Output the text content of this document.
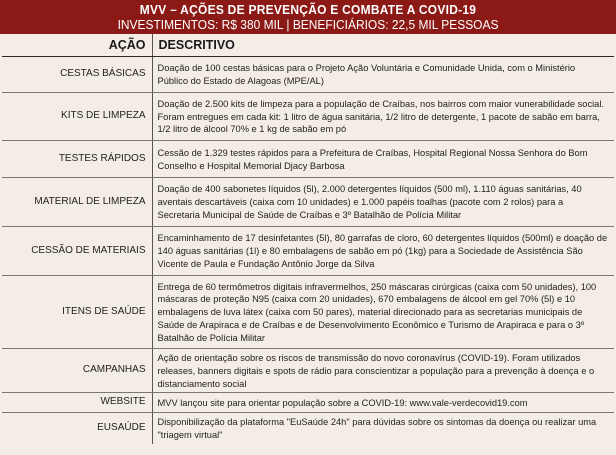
MVV – AÇÕES DE PREVENÇÃO E COMBATE A COVID-19
INVESTIMENTOS: R$ 380 MIL | BENEFICIÁRIOS: 22,5 MIL PESSOAS
AÇÃO	DESCRITIVO
CESTAS BÁSICAS	Doação de 100 cestas básicas para o Projeto Ação Voluntária e Comunidade Unida, com o Ministério Público do Estado de Alagoas (MPE/AL)
KITS DE LIMPEZA	Doação de 2.500 kits de limpeza para a população de Craíbas, nos bairros com maior vunerabilidade social. Foram entregues em cada kit: 1 litro de água sanitária, 1/2 litro de detergente, 1 pacote de sabão em barra, 1/2 litro de álcool 70% e 1 kg de sabão em pó
TESTES RÁPIDOS	Cessão de 1.329 testes rápidos para a Prefeitura de Craíbas, Hospital Regional Nossa Senhora do Bom Conselho e Hospital Memorial Djacy Barbosa
MATERIAL DE LIMPEZA	Doação de 400 sabonetes líquidos (5l), 2.000 detergentes líquidos (500 ml), 1.110 águas sanitárias, 40 aventais descartáveis (caixa com 10 unidades) e 1.000 papéis toalhas (pacote com 2 rolos) para a Secretaria Municipal de Saúde de Craíbas e 3º Batalhão de Polícia Militar
CESSÃO DE MATERIAIS	Encaminhamento de 17 desinfetantes (5l), 80 garrafas de cloro, 60 detergentes líquidos (500ml) e doação de 140 águas sanitárias (1l) e 80 embalagens de sabão em pó (1kg) para a Sociedade de Assistência São Vicente de Paula e Fundação Antônio Jorge da Silva
ITENS DE SAÚDE	Entrega de 60 termômetros digitais infravermelhos, 250 máscaras cirúrgicas (caixa com 50 unidades), 100 máscaras de proteção N95 (caixa com 20 unidades), 670 embalagens de álcool em gel 70% (5l) e 10 embalagens de luva látex (caixa com 50 pares), material direcionado para as secretarias municipais de Saúde de Arapiraca e de Craíbas e de Desenvolvimento Econômico e Turismo de Arapiraca e para o 3º Batalhão de Polícia Militar
CAMPANHAS	Ação de orientação sobre os riscos de transmissão do novo coronavírus (COVID-19). Foram utilizados releases, banners digitais e spots de rádio para conscientizar a população para a prevenção à doença e o distanciamento social
WEBSITE	MVV lançou site para orientar população sobre a COVID-19: www.vale-verdecovid19.com
EUSAÚDE	Disponibilização da plataforma "EuSaúde 24h" para dúvidas sobre os sintomas da doença ou realizar uma "triagem virtual"
